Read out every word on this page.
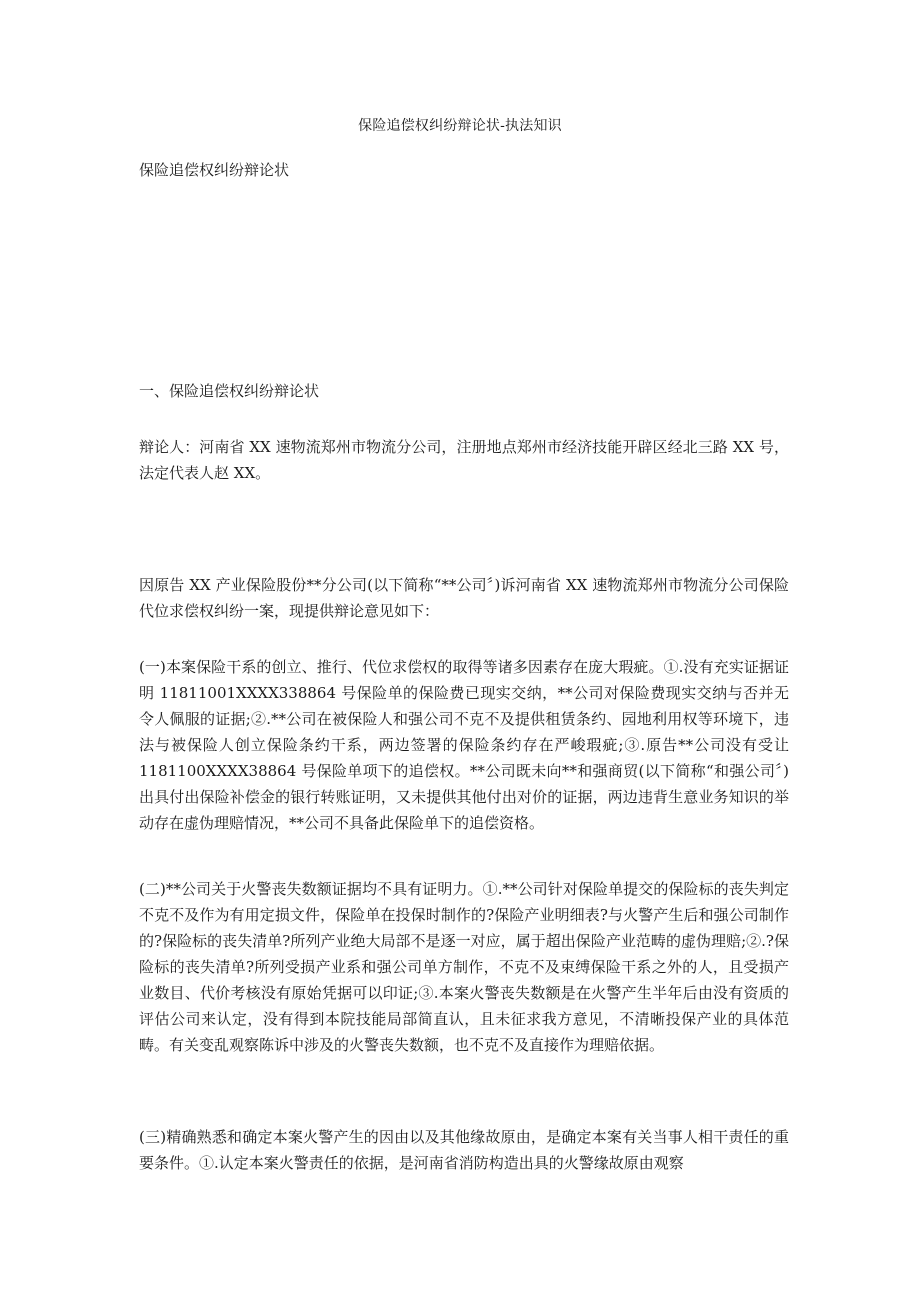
保险追偿权纠纷辩论状-执法知识
保险追偿权纠纷辩论状
一、保险追偿权纠纷辩论状

辩论人：河南省 XX 速物流郑州市物流分公司，注册地点郑州市经济技能开辟区经北三路 XX 号，法定代表人赵 XX。

因原告 XX 产业保险股份**分公司(以下简称“**公司〞)诉河南省 XX 速物流郑州市物流分公司保险代位求偿权纠纷一案，现提供辩论意见如下：

(一)本案保险干系的创立、推行、代位求偿权的取得等诸多因素存在庞大瑕疵。①.没有充实证据证明 11811001XXXX338864 号保险单的保险费已现实交纳，**公司对保险费现实交纳与否并无令人佩服的证据;②.**公司在被保险人和强公司不克不及提供租赁条约、园地利用权等环境下，违法与被保险人创立保险条约干系，两边签署的保险条约存在严峻瑕疵;③.原告**公司没有受让 1181100XXXX38864 号保险单项下的追偿权。**公司既未向**和强商贸(以下简称“和强公司〞)出具付出保险补偿金的银行转账证明，又未提供其他付出对价的证据，两边违背生意业务知识的举动存在虚伪理赔情况，**公司不具备此保险单下的追偿资格。

(二)**公司关于火警丧失数额证据均不具有证明力。①.**公司针对保险单提交的保险标的丧失判定不克不及作为有用定损文件，保险单在投保时制作的?保险产业明细表?与火警产生后和强公司制作的?保险标的丧失清单?所列产业绝大局部不是逐一对应，属于超出保险产业范畴的虚伪理赔;②.?保险标的丧失清单?所列受损产业系和强公司单方制作，不克不及束缚保险干系之外的人，且受损产业数目、代价考核没有原始凭据可以印证;③.本案火警丧失数额是在火警产生半年后由没有资质的评估公司来认定，没有得到本院技能局部简直认，且未征求我方意见，不清晰投保产业的具体范畴。有关变乱观察陈诉中涉及的火警丧失数额，也不克不及直接作为理赔依据。

(三)精确熟悉和确定本案火警产生的因由以及其他缘故原由，是确定本案有关当事人相干责任的重要条件。①.认定本案火警责任的依据，是河南省消防构造出具的火警缘故原由观察
